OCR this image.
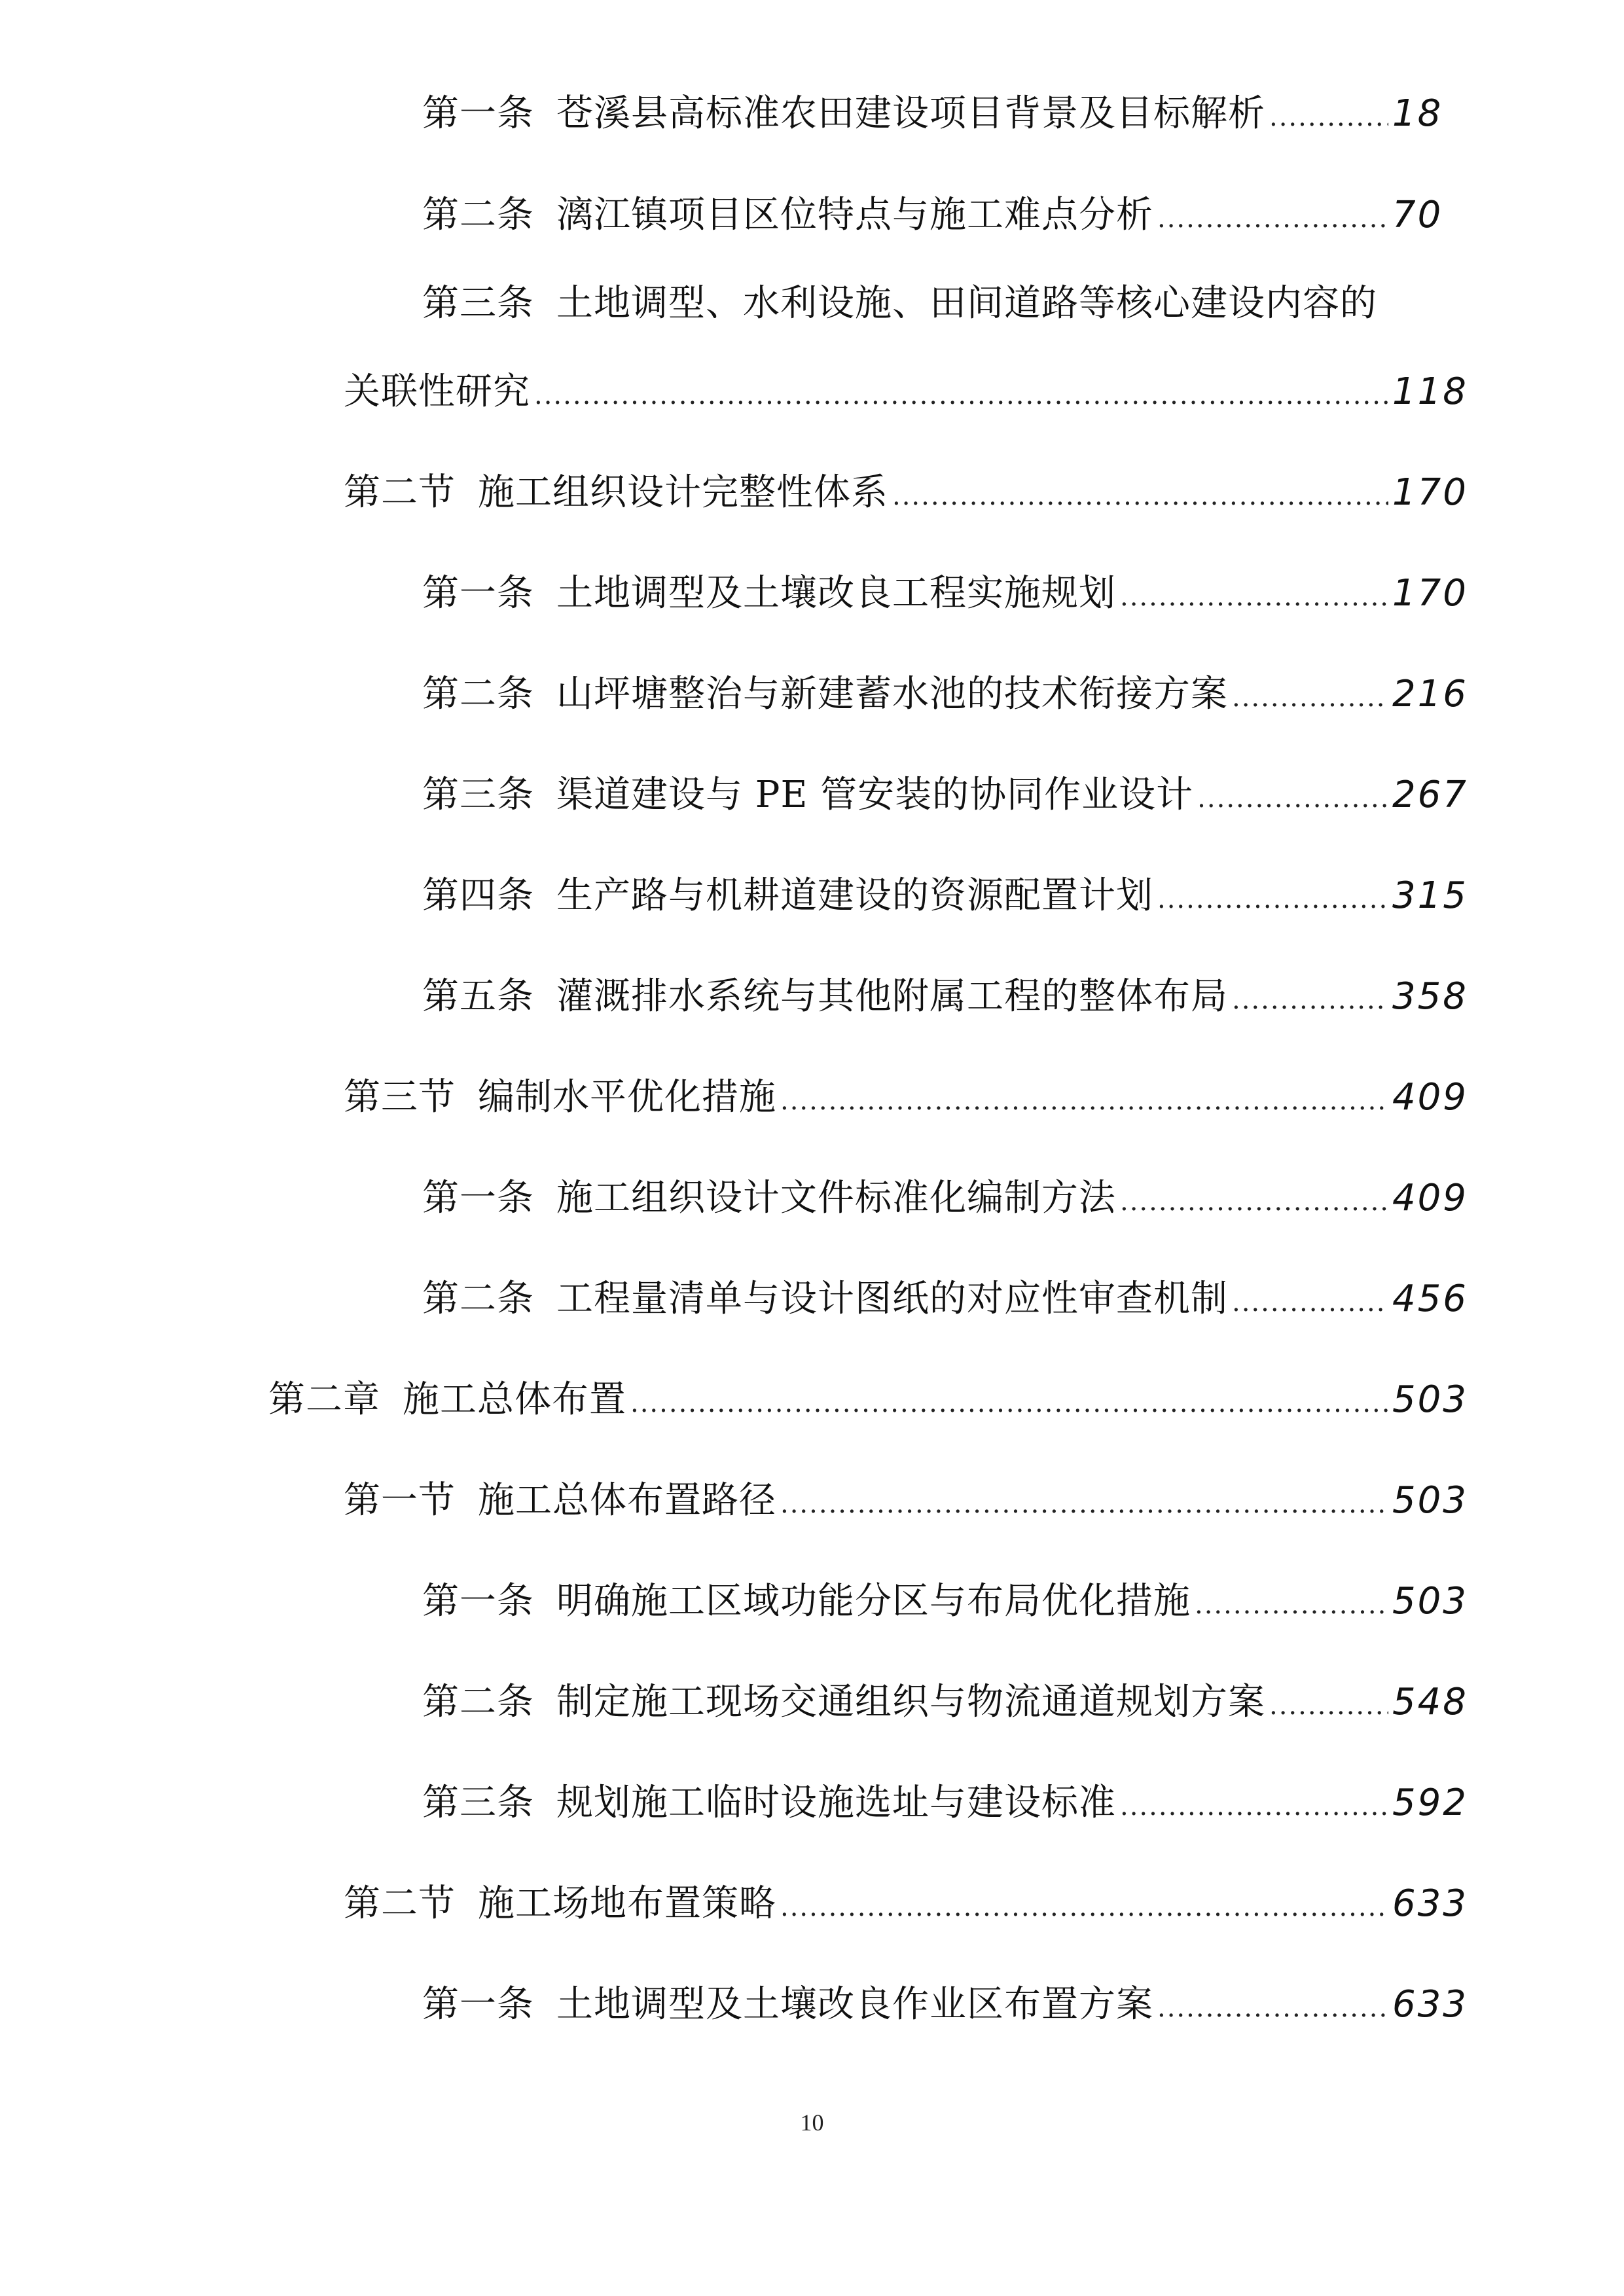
第一条 苍溪县高标准农田建设项目背景及目标解析 .....	18
第二条 漓江镇项目区位特点与施工难点分析 .....	70
第三条 土地调型、水利设施、田间道路等核心建设内容的
关联性研究 .....	118
第二节 施工组织设计完整性体系 .....	170
第一条 土地调型及土壤改良工程实施规划 .....	170
第二条 山坪塘整治与新建蓄水池的技术衔接方案 .....	216
第三条 渠道建设与 PE 管安装的协同作业设计 .....	267
第四条 生产路与机耕道建设的资源配置计划 .....	315
第五条 灌溉排水系统与其他附属工程的整体布局 .....	358
第三节 编制水平优化措施 .....	409
第一条 施工组织设计文件标准化编制方法 .....	409
第二条 工程量清单与设计图纸的对应性审查机制 .....	456
第二章 施工总体布置 .....	503
第一节 施工总体布置路径 .....	503
第一条 明确施工区域功能分区与布局优化措施 .....	503
第二条 制定施工现场交通组织与物流通道规划方案 .....	548
第三条 规划施工临时设施选址与建设标准 .....	592
第二节 施工场地布置策略 .....	633
第一条 土地调型及土壤改良作业区布置方案 .....	633
10
